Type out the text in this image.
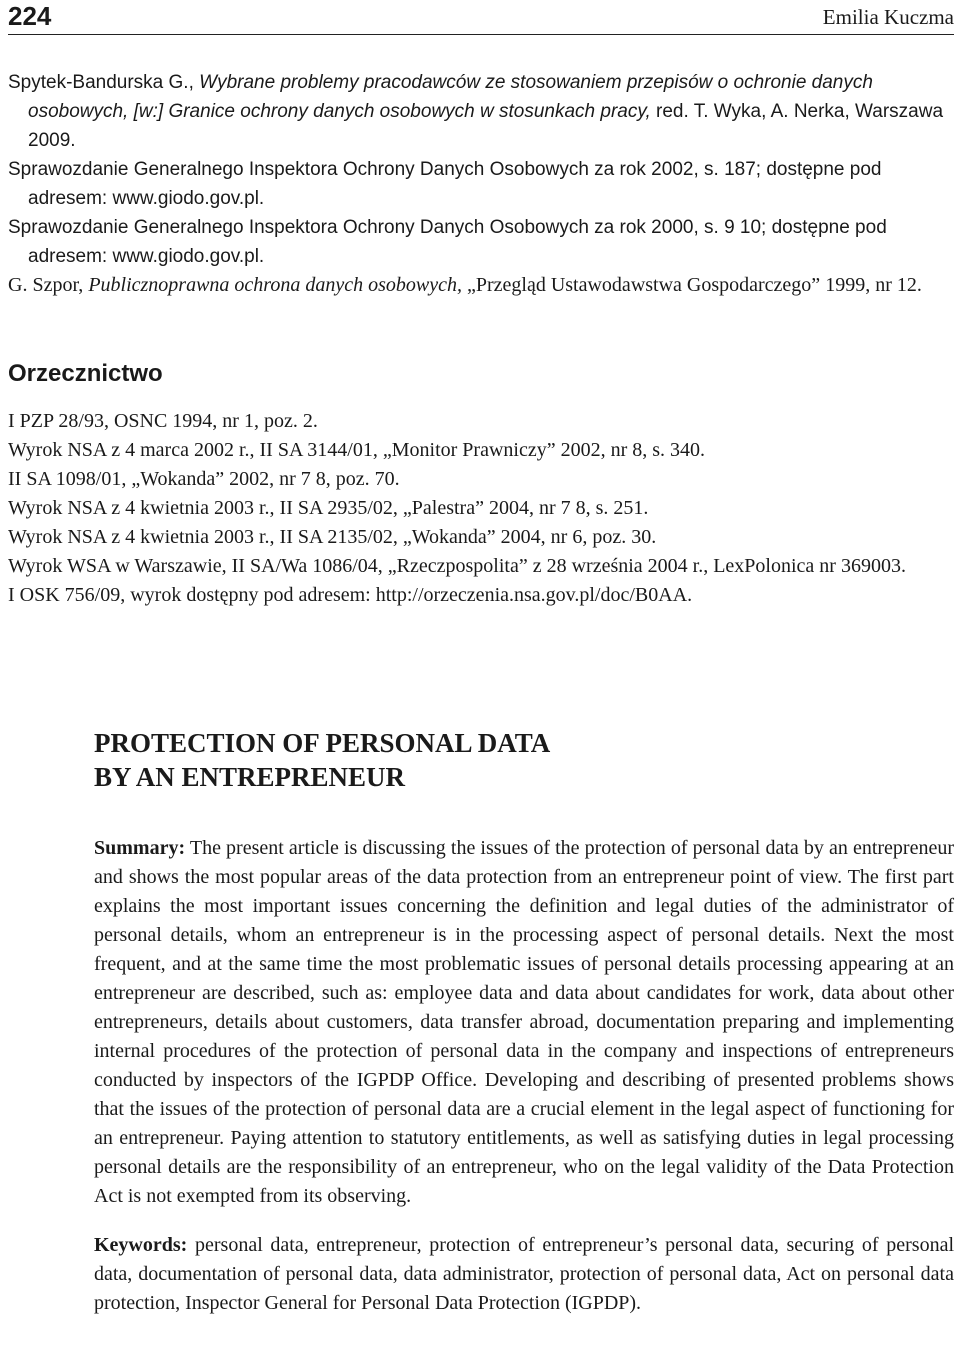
224	Emilia Kuczma

Spytek-Bandurska G., Wybrane problemy pracodawców ze stosowaniem przepisów o ochronie danych osobowych, [w:] Granice ochrony danych osobowych w stosunkach pracy, red. T. Wyka, A. Nerka, Warszawa 2009.

Sprawozdanie Generalnego Inspektora Ochrony Danych Osobowych za rok 2002, s. 187; dostępne pod adresem: www.giodo.gov.pl.

Sprawozdanie Generalnego Inspektora Ochrony Danych Osobowych za rok 2000, s. 9 10; dostępne pod adresem: www.giodo.gov.pl.

G. Szpor, Publicznoprawna ochrona danych osobowych, „Przegląd Ustawodawstwa Gospodarczego” 1999, nr 12.

Orzecznictwo

I PZP 28/93, OSNC 1994, nr 1, poz. 2.

Wyrok NSA z 4 marca 2002 r., II SA 3144/01, „Monitor Prawniczy” 2002, nr 8, s. 340.

II SA 1098/01, „Wokanda” 2002, nr 7 8, poz. 70.

Wyrok NSA z 4 kwietnia 2003 r., II SA 2935/02, „Palestra” 2004, nr 7 8, s. 251.

Wyrok NSA z 4 kwietnia 2003 r., II SA 2135/02, „Wokanda” 2004, nr 6, poz. 30.

Wyrok WSA w Warszawie, II SA/Wa 1086/04, „Rzeczpospolita” z 28 września 2004 r., LexPolonica nr 369003.

I OSK 756/09, wyrok dostępny pod adresem: http://orzeczenia.nsa.gov.pl/doc/B0AA.

PROTECTION OF PERSONAL DATA
BY AN ENTREPRENEUR

Summary: The present article is discussing the issues of the protection of personal data by an entrepreneur and shows the most popular areas of the data protection from an entrepreneur point of view. The first part explains the most important issues concerning the definition and legal duties of the administrator of personal details, whom an entrepreneur is in the processing aspect of personal details. Next the most frequent, and at the same time the most problematic issues of personal details processing appearing at an entrepreneur are described, such as: employee data and data about candidates for work, data about other entrepreneurs, details about customers, data transfer abroad, documentation preparing and implementing internal procedures of the protection of personal data in the company and inspections of entrepreneurs conducted by inspectors of the IGPDP Office. Developing and describing of presented problems shows that the issues of the protection of personal data are a crucial element in the legal aspect of functioning for an entrepreneur. Paying attention to statutory entitlements, as well as satisfying duties in legal processing personal details are the responsibility of an entrepreneur, who on the legal validity of the Data Protection Act is not exempted from its observing.

Keywords: personal data, entrepreneur, protection of entrepreneur’s personal data, securing of personal data, documentation of personal data, data administrator, protection of personal data, Act on personal data protection, Inspector General for Personal Data Protection (IGPDP).
